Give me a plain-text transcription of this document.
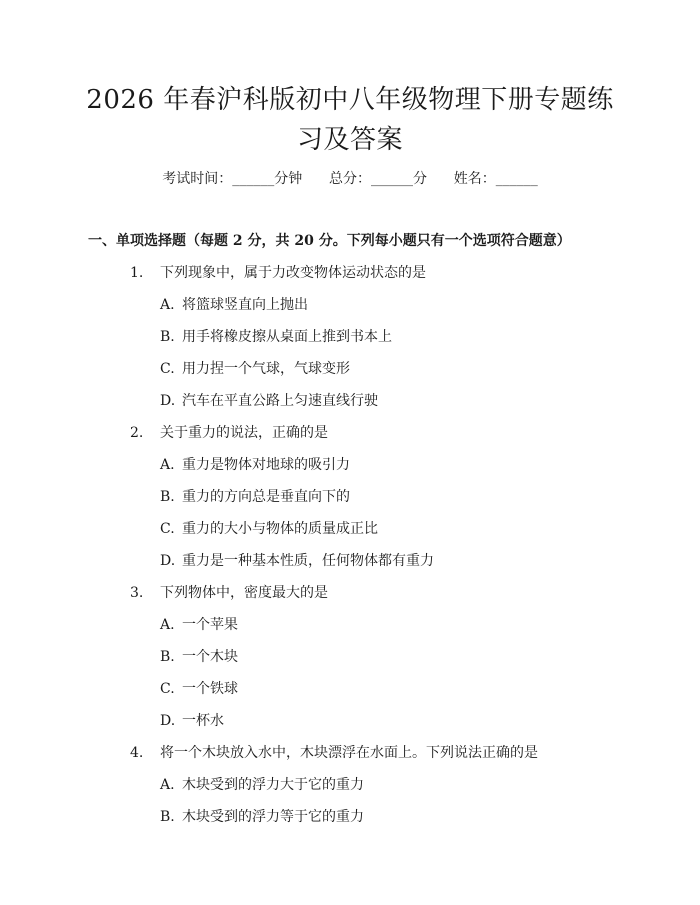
2026 年春沪科版初中八年级物理下册专题练
习及答案
考试时间：______分钟      总分：______分      姓名：______
一、单项选择题（每题 2 分，共 20 分。下列每小题只有一个选项符合题意）
1. 下列现象中，属于力改变物体运动状态的是
A. 将篮球竖直向上抛出
B. 用手将橡皮擦从桌面上推到书本上
C. 用力捏一个气球，气球变形
D. 汽车在平直公路上匀速直线行驶
2. 关于重力的说法，正确的是
A. 重力是物体对地球的吸引力
B. 重力的方向总是垂直向下的
C. 重力的大小与物体的质量成正比
D. 重力是一种基本性质，任何物体都有重力
3. 下列物体中，密度最大的是
A. 一个苹果
B. 一个木块
C. 一个铁球
D. 一杯水
4. 将一个木块放入水中，木块漂浮在水面上。下列说法正确的是
A. 木块受到的浮力大于它的重力
B. 木块受到的浮力等于它的重力
